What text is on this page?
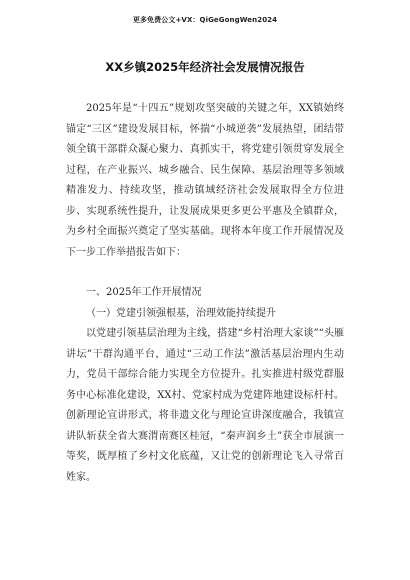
更多免费公文+VX：QiGeGongWen2024
XX乡镇2025年经济社会发展情况报告

2025年是“十四五”规划攻坚突破的关键之年，XX镇始终锚定“三区”建设发展目标，怀揣“小城逆袭”发展热望，团结带领全镇干部群众凝心聚力、真抓实干，将党建引领贯穿发展全过程，在产业振兴、城乡融合、民生保障、基层治理等多领域精准发力、持续攻坚，推动镇域经济社会发展取得全方位进步、实现系统性提升，让发展成果更多更公平惠及全镇群众，为乡村全面振兴奠定了坚实基础。现将本年度工作开展情况及下一步工作举措报告如下：

一、2025年工作开展情况

（一）党建引领强根基，治理效能持续提升

以党建引领基层治理为主线，搭建“乡村治理大家谈”“头雁讲坛”干群沟通平台，通过“三动工作法”激活基层治理内生动力，党员干部综合能力实现全方位提升。扎实推进村级党群服务中心标准化建设，XX村、党家村成为党建阵地建设标杆村。创新理论宣讲形式，将非遗文化与理论宣讲深度融合，我镇宣讲队斩获全省大赛渭南赛区桂冠，“秦声润乡土”获全市展演一等奖，既厚植了乡村文化底蕴，又让党的创新理论飞入寻常百姓家。
